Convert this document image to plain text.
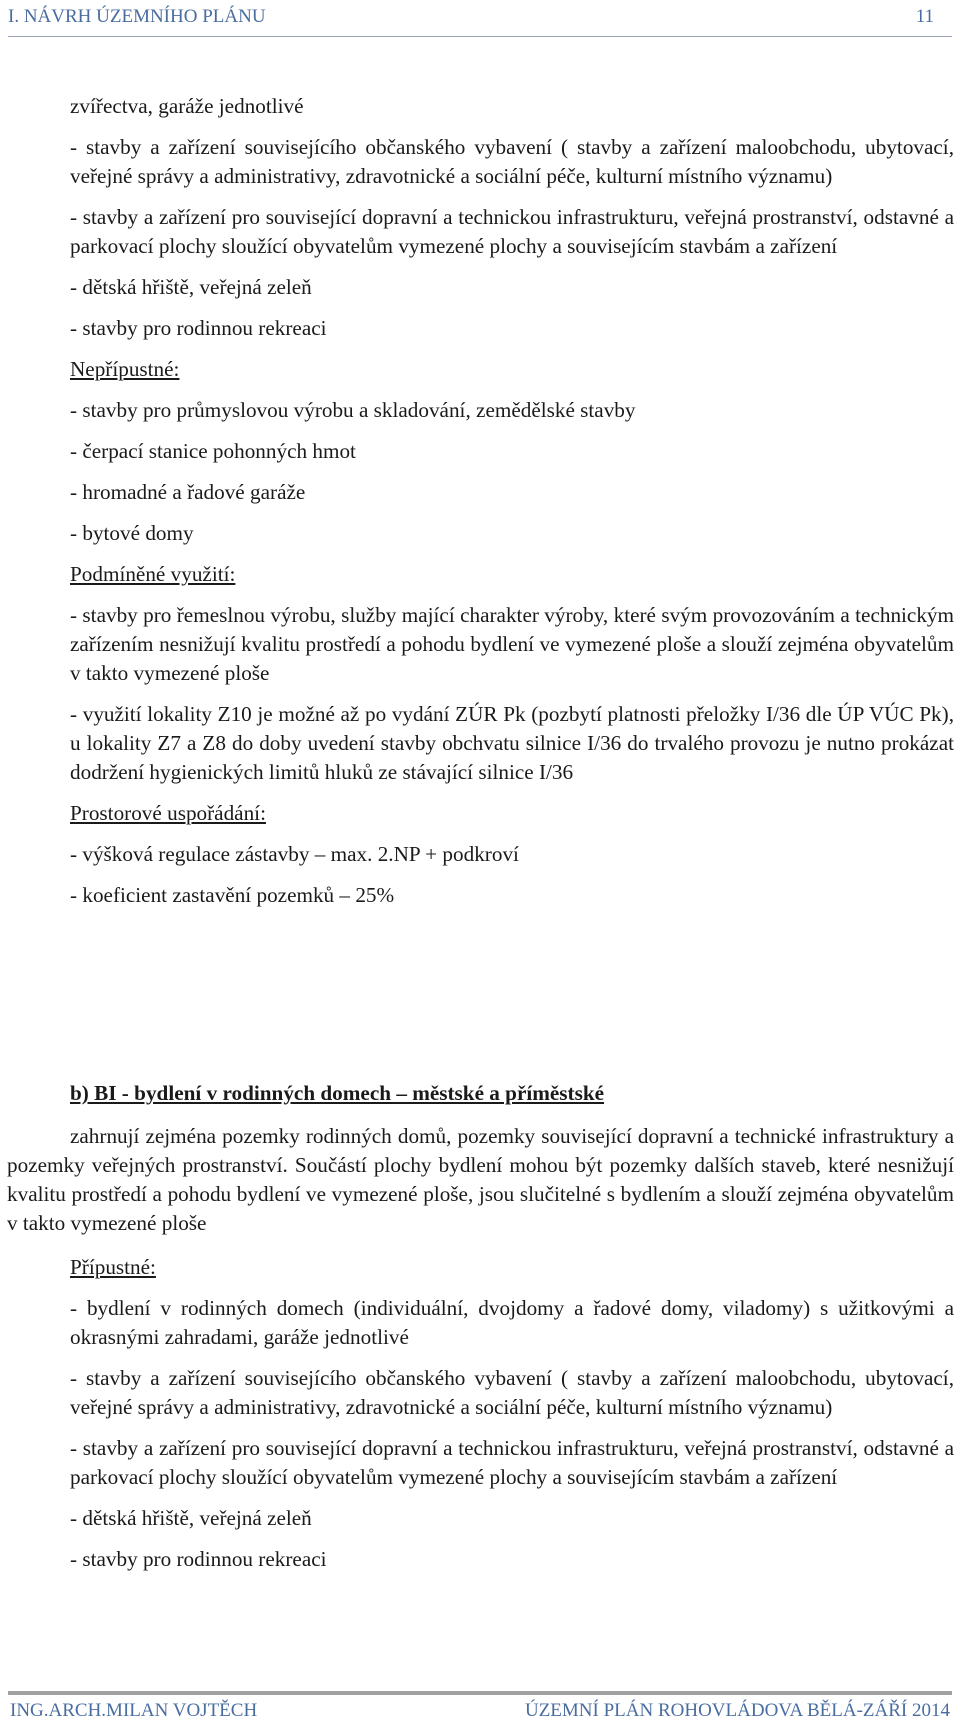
I. NÁVRH ÚZEMNÍHO PLÁNU	11

zvířectva, garáže jednotlivé

- stavby a zařízení souvisejícího občanského vybavení ( stavby a zařízení maloobchodu, ubytovací, veřejné správy a administrativy, zdravotnické a sociální péče, kulturní místního významu)

- stavby a zařízení pro související dopravní a technickou infrastrukturu, veřejná prostranství, odstavné a parkovací plochy sloužící obyvatelům vymezené plochy a souvisejícím stavbám a zařízení

- dětská hřiště, veřejná zeleň

- stavby pro rodinnou rekreaci

Nepřípustné:

- stavby pro průmyslovou výrobu a skladování, zemědělské stavby

- čerpací stanice pohonných hmot

- hromadné a řadové garáže

- bytové domy

Podmíněné využití:

- stavby pro řemeslnou výrobu, služby mající charakter výroby, které svým provozováním a technickým zařízením nesnižují kvalitu prostředí a pohodu bydlení ve vymezené ploše a slouží zejména obyvatelům v takto vymezené ploše

- využití lokality Z10 je možné až po vydání ZÚR Pk (pozbytí platnosti přeložky I/36 dle ÚP VÚC Pk), u lokality Z7 a Z8 do doby uvedení stavby obchvatu silnice I/36 do trvalého provozu je nutno prokázat dodržení hygienických limitů hluků ze stávající silnice I/36

Prostorové uspořádání:

- výšková regulace zástavby – max. 2.NP + podkroví

- koeficient zastavění pozemků – 25%

b) BI - bydlení v rodinných domech – městské a příměstské

zahrnují zejména pozemky rodinných domů, pozemky související dopravní a technické infrastruktury a pozemky veřejných prostranství. Součástí plochy bydlení mohou být pozemky dalších staveb, které nesnižují kvalitu prostředí a pohodu bydlení ve vymezené ploše, jsou slučitelné s bydlením a slouží zejména obyvatelům v takto vymezené ploše

Přípustné:

- bydlení v rodinných domech (individuální, dvojdomy a řadové domy, viladomy) s užitkovými a okrasnými zahradami, garáže jednotlivé

- stavby a zařízení souvisejícího občanského vybavení ( stavby a zařízení maloobchodu, ubytovací, veřejné správy a administrativy, zdravotnické a sociální péče, kulturní místního významu)

- stavby a zařízení pro související dopravní a technickou infrastrukturu, veřejná prostranství, odstavné a parkovací plochy sloužící obyvatelům vymezené plochy a souvisejícím stavbám a zařízení

- dětská hřiště, veřejná zeleň

- stavby pro rodinnou rekreaci

ING.ARCH.MILAN VOJTĚCH	ÚZEMNÍ PLÁN ROHOVLÁDOVA BĚLÁ-ZÁŘÍ 2014
